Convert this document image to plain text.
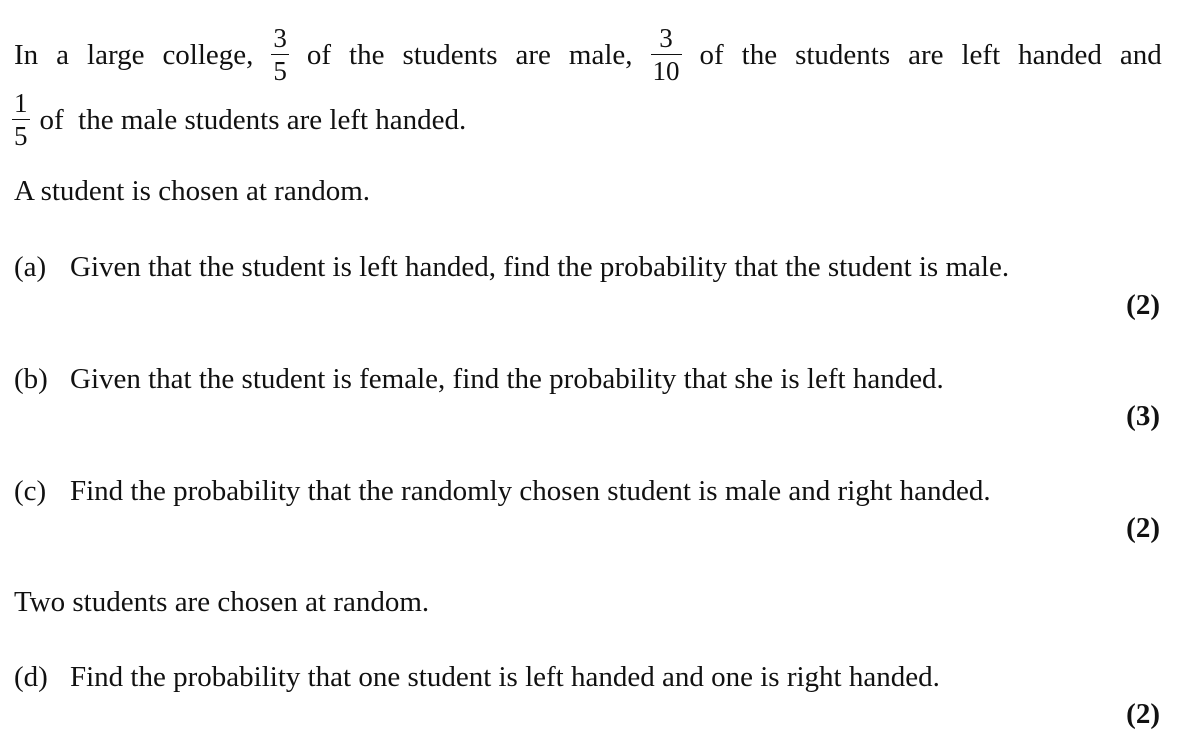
In a large college, $\frac{3}{5}$ of the students are male, $\frac{3}{10}$ of the students are left handed and
$\frac{1}{5}$ of  the male students are left handed.
A student is chosen at random.
(a) Given that the student is left handed, find the probability that the student is male.
(2)
(b) Given that the student is female, find the probability that she is left handed.
(3)
(c) Find the probability that the randomly chosen student is male and right handed.
(2)
Two students are chosen at random.
(d) Find the probability that one student is left handed and one is right handed.
(2)
